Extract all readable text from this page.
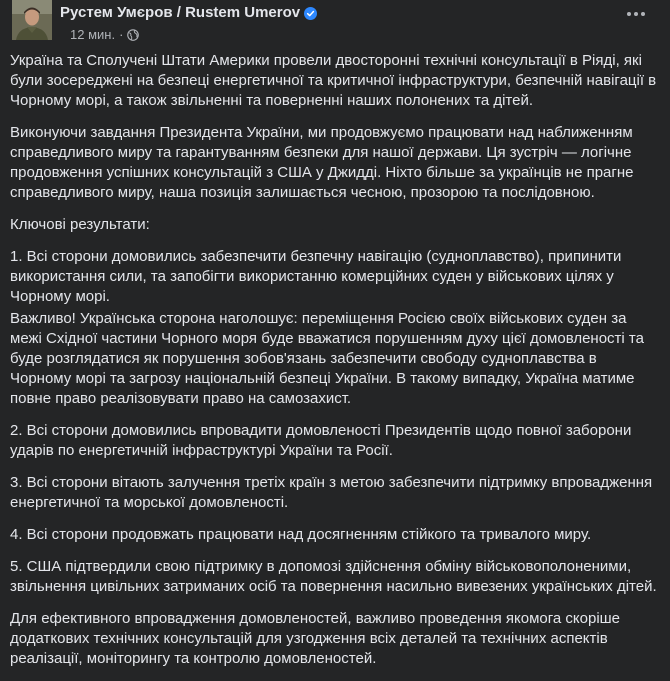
Рустем Умєров / Rustem Umerov
12 мин. ·

Україна та Сполучені Штати Америки провели двосторонні технічні консультації в Ріяді, які були зосереджені на безпеці енергетичної та критичної інфраструктури, безпечній навігації в Чорному морі, а також звільненні та поверненні наших полонених та дітей.

Виконуючи завдання Президента України, ми продовжуємо працювати над наближенням справедливого миру та гарантуванням безпеки для нашої держави. Ця зустріч — логічне продовження успішних консультацій з США у Джидді. Ніхто більше за українців не прагне справедливого миру, наша позиція залишається чесною, прозорою та послідовною.

Ключові результати:

1. Всі сторони домовились забезпечити безпечну навігацію (судноплавство), припинити використання сили, та запобігти використанню комерційних суден у військових цілях у Чорному морі.

Важливо! Українська сторона наголошує: переміщення Росією своїх військових суден за межі Східної частини Чорного моря буде вважатися порушенням духу цієї домовленості та буде розглядатися як порушення зобов'язань забезпечити свободу судноплавства в Чорному морі та загрозу національній безпеці України. В такому випадку, Україна матиме повне право реалізовувати право на самозахист.

2. Всі сторони домовились впровадити домовленості Президентів щодо повної заборони ударів по енергетичній інфраструктурі України та Росії.

3. Всі сторони вітають залучення третіх країн з метою забезпечити підтримку впровадження енергетичної та морської домовленості.

4. Всі сторони продовжать працювати над досягненням стійкого та тривалого миру.

5. США підтвердили свою підтримку в допомозі здійснення обміну військовополоненими, звільнення цивільних затриманих осіб та повернення насильно вивезених українських дітей.

Для ефективного впровадження домовленостей, важливо проведення якомога скоріше додаткових технічних консультацій для узгодження всіх деталей та технічних аспектів реалізації, моніторингу та контролю домовленостей.
